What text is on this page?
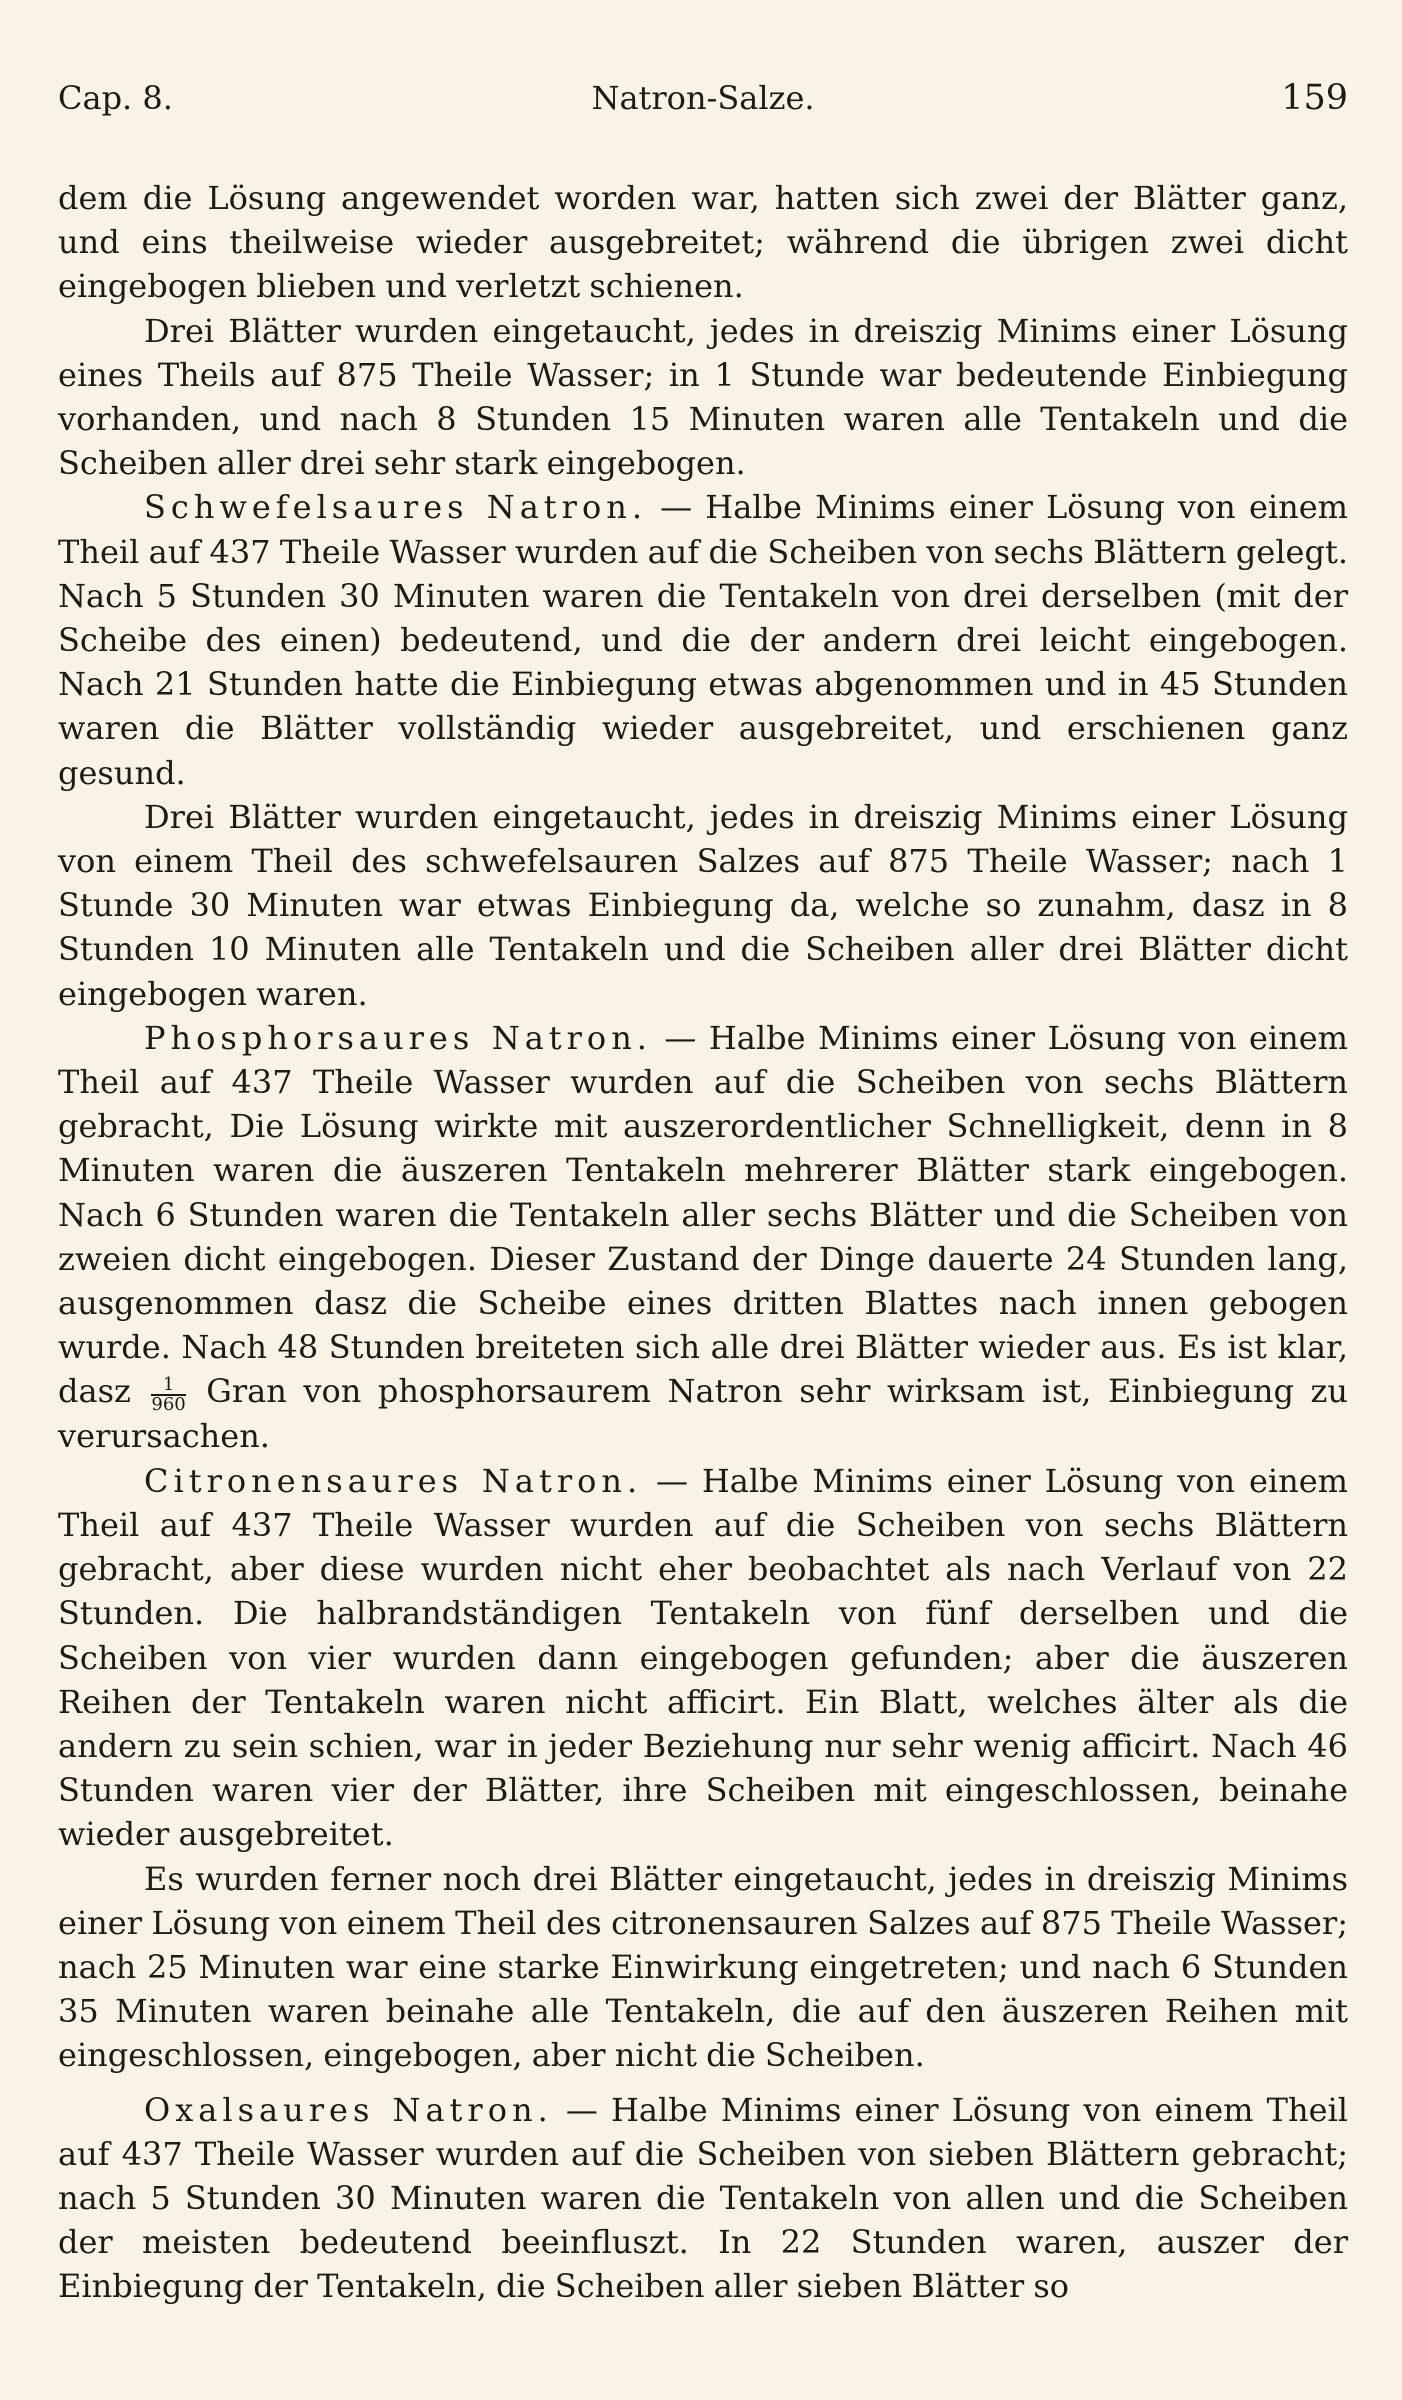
Cap. 8.	Natron-Salze.	159

dem die Lösung angewendet worden war, hatten sich zwei der Blätter ganz, und eins theilweise wieder ausgebreitet; während die übrigen zwei dicht eingebogen blieben und verletzt schienen.

Drei Blätter wurden eingetaucht, jedes in dreiszig Minims einer Lösung eines Theils auf 875 Theile Wasser; in 1 Stunde war bedeutende Einbiegung vorhanden, und nach 8 Stunden 15 Minuten waren alle Tentakeln und die Scheiben aller drei sehr stark eingebogen.

Schwefelsaures Natron. — Halbe Minims einer Lösung von einem Theil auf 437 Theile Wasser wurden auf die Scheiben von sechs Blättern gelegt. Nach 5 Stunden 30 Minuten waren die Tentakeln von drei derselben (mit der Scheibe des einen) bedeutend, und die der andern drei leicht eingebogen. Nach 21 Stunden hatte die Einbiegung etwas abgenommen und in 45 Stunden waren die Blätter vollständig wieder ausgebreitet, und erschienen ganz gesund.

Drei Blätter wurden eingetaucht, jedes in dreiszig Minims einer Lösung von einem Theil des schwefelsauren Salzes auf 875 Theile Wasser; nach 1 Stunde 30 Minuten war etwas Einbiegung da, welche so zunahm, dasz in 8 Stunden 10 Minuten alle Tentakeln und die Scheiben aller drei Blätter dicht eingebogen waren.

Phosphorsaures Natron. — Halbe Minims einer Lösung von einem Theil auf 437 Theile Wasser wurden auf die Scheiben von sechs Blättern gebracht, Die Lösung wirkte mit auszerordentlicher Schnelligkeit, denn in 8 Minuten waren die äuszeren Tentakeln mehrerer Blätter stark eingebogen. Nach 6 Stunden waren die Tentakeln aller sechs Blätter und die Scheiben von zweien dicht eingebogen. Dieser Zustand der Dinge dauerte 24 Stunden lang, ausgenommen dasz die Scheibe eines dritten Blattes nach innen gebogen wurde. Nach 48 Stunden breiteten sich alle drei Blätter wieder aus. Es ist klar, dasz $\frac{1}{960}$ Gran von phosphorsaurem Natron sehr wirksam ist, Einbiegung zu verursachen.

Citronensaures Natron. — Halbe Minims einer Lösung von einem Theil auf 437 Theile Wasser wurden auf die Scheiben von sechs Blättern gebracht, aber diese wurden nicht eher beobachtet als nach Verlauf von 22 Stunden. Die halbrandständigen Tentakeln von fünf derselben und die Scheiben von vier wurden dann eingebogen gefunden; aber die äuszeren Reihen der Tentakeln waren nicht afficirt. Ein Blatt, welches älter als die andern zu sein schien, war in jeder Beziehung nur sehr wenig afficirt. Nach 46 Stunden waren vier der Blätter, ihre Scheiben mit eingeschlossen, beinahe wieder ausgebreitet.

Es wurden ferner noch drei Blätter eingetaucht, jedes in dreiszig Minims einer Lösung von einem Theil des citronensauren Salzes auf 875 Theile Wasser; nach 25 Minuten war eine starke Einwirkung eingetreten; und nach 6 Stunden 35 Minuten waren beinahe alle Tentakeln, die auf den äuszeren Reihen mit eingeschlossen, eingebogen, aber nicht die Scheiben.

Oxalsaures Natron. — Halbe Minims einer Lösung von einem Theil auf 437 Theile Wasser wurden auf die Scheiben von sieben Blättern gebracht; nach 5 Stunden 30 Minuten waren die Tentakeln von allen und die Scheiben der meisten bedeutend beeinfluszt. In 22 Stunden waren, auszer der Einbiegung der Tentakeln, die Scheiben aller sieben Blätter so
